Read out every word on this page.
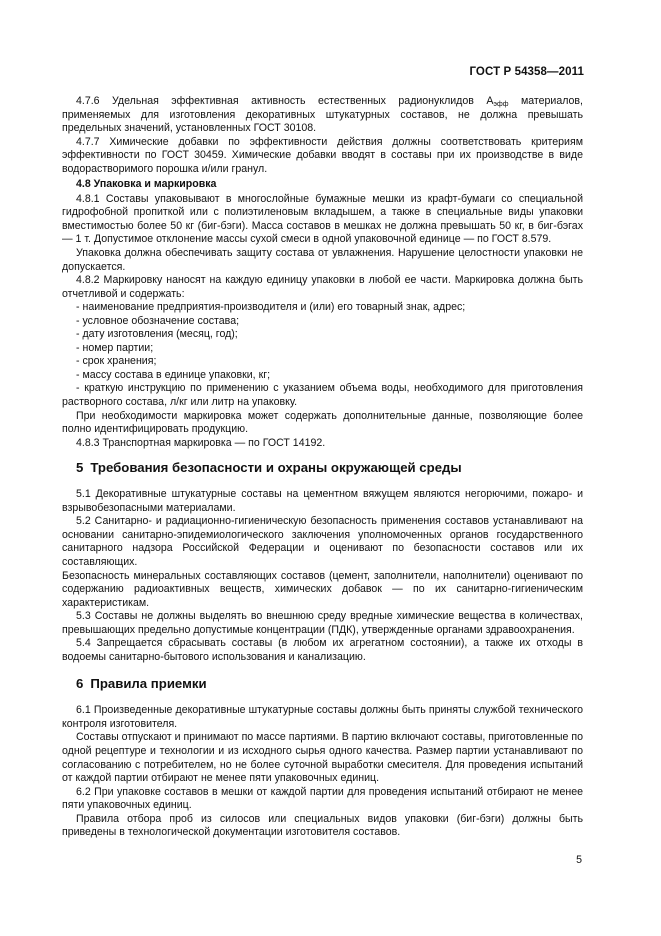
ГОСТ Р 54358—2011

4.7.6 Удельная эффективная активность естественных радионуклидов $А_{эфф}$ материалов, применяемых для изготовления декоративных штукатурных составов, не должна превышать предельных значений, установленных ГОСТ 30108.

4.7.7 Химические добавки по эффективности действия должны соответствовать критериям эффективности по ГОСТ 30459. Химические добавки вводят в составы при их производстве в виде водорастворимого порошка и/или гранул.

4.8 Упаковка и маркировка

4.8.1 Составы упаковывают в многослойные бумажные мешки из крафт-бумаги со специальной гидрофобной пропиткой или с полиэтиленовым вкладышем, а также в специальные виды упаковки вместимостью более 50 кг (биг-бэги). Масса составов в мешках не должна превышать 50 кг, в биг-бэгах — 1 т. Допустимое отклонение массы сухой смеси в одной упаковочной единице — по ГОСТ 8.579.

Упаковка должна обеспечивать защиту состава от увлажнения. Нарушение целостности упаковки не допускается.

4.8.2 Маркировку наносят на каждую единицу упаковки в любой ее части. Маркировка должна быть отчетливой и содержать:

- наименование предприятия-производителя и (или) его товарный знак, адрес;

- условное обозначение состава;

- дату изготовления (месяц, год);

- номер партии;

- срок хранения;

- массу состава в единице упаковки, кг;

- краткую инструкцию по применению с указанием объема воды, необходимого для приготовления растворного состава, л/кг или литр на упаковку.

При необходимости маркировка может содержать дополнительные данные, позволяющие более полно идентифицировать продукцию.

4.8.3 Транспортная маркировка — по ГОСТ 14192.

5 Требования безопасности и охраны окружающей среды

5.1 Декоративные штукатурные составы на цементном вяжущем являются негорючими, пожаро- и взрывобезопасными материалами.

5.2 Санитарно- и радиационно-гигиеническую безопасность применения составов устанавливают на основании санитарно-эпидемиологического заключения уполномоченных органов государственного санитарного надзора Российской Федерации и оценивают по безопасности составов или их составляющих.

Безопасность минеральных составляющих составов (цемент, заполнители, наполнители) оценивают по содержанию радиоактивных веществ, химических добавок — по их санитарно-гигиеническим характеристикам.

5.3 Составы не должны выделять во внешнюю среду вредные химические вещества в количествах, превышающих предельно допустимые концентрации (ПДК), утвержденные органами здравоохранения.

5.4 Запрещается сбрасывать составы (в любом их агрегатном состоянии), а также их отходы в водоемы санитарно-бытового использования и канализацию.

6 Правила приемки

6.1 Произведенные декоративные штукатурные составы должны быть приняты службой технического контроля изготовителя.

Составы отпускают и принимают по массе партиями. В партию включают составы, приготовленные по одной рецептуре и технологии и из исходного сырья одного качества. Размер партии устанавливают по согласованию с потребителем, но не более суточной выработки смесителя. Для проведения испытаний от каждой партии отбирают не менее пяти упаковочных единиц.

6.2 При упаковке составов в мешки от каждой партии для проведения испытаний отбирают не менее пяти упаковочных единиц.

Правила отбора проб из силосов или специальных видов упаковки (биг-бэги) должны быть приведены в технологической документации изготовителя составов.

5
